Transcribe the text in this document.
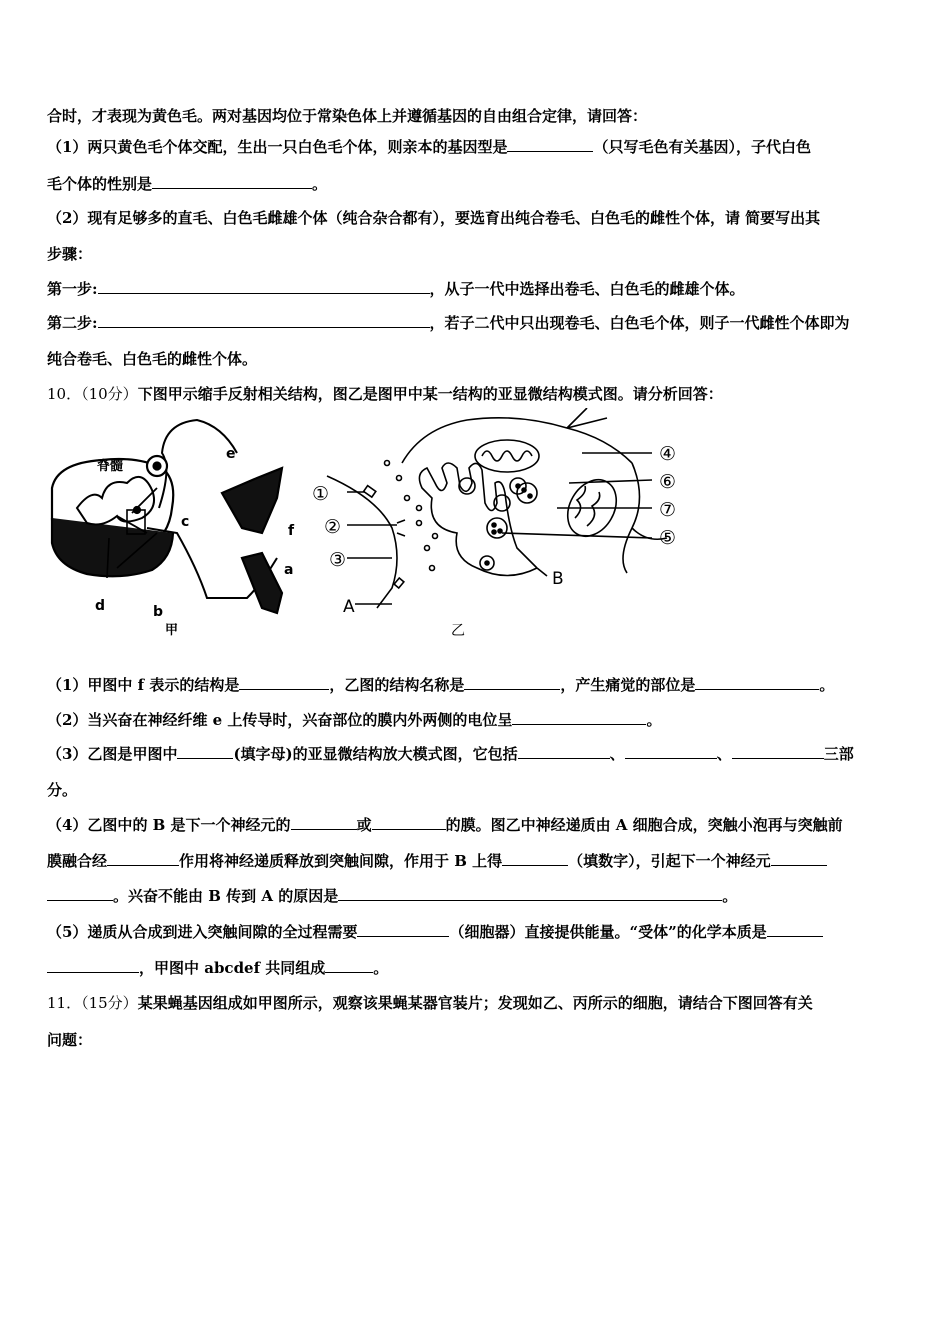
合时，才表现为黄色毛。两对基因均位于常染色体上并遵循基因的自由组合定律，请回答：
（1）两只黄色毛个体交配，生出一只白色毛个体，则亲本的基因型是	（只写毛色有关基因），子代白色
毛个体的性别是	。
（2）现有足够多的直毛、白色毛雌雄个体（纯合杂合都有），要选育出纯合卷毛、白色毛的雌性个体，请 简要写出其
步骤：
第一步:	，从子一代中选择出卷毛、白色毛的雌雄个体。
第二步:	，若子二代中只出现卷毛、白色毛个体，则子一代雌性个体即为
纯合卷毛、白色毛的雌性个体。
10．（10分）下图甲示缩手反射相关结构，图乙是图甲中某一结构的亚显微结构模式图。请分析回答：
脊髓
e
c
f
a
d	b
甲
①
②
③
A
B
④
⑥
⑦
⑤
乙
（1）甲图中 f 表示的结构是	，乙图的结构名称是	，产生痛觉的部位是	。
（2）当兴奋在神经纤维 e 上传导时，兴奋部位的膜内外两侧的电位呈	。
（3）乙图是甲图中	(填字母)的亚显微结构放大模式图，它包括	、	、	三部
分。
（4）乙图中的 B 是下一个神经元的	或	的膜。图乙中神经递质由 A 细胞合成，突触小泡再与突触前
膜融合经	作用将神经递质释放到突触间隙，作用于 B 上得	（填数字），引起下一个神经元
。兴奋不能由 B 传到 A 的原因是	。
（5）递质从合成到进入突触间隙的全过程需要	（细胞器）直接提供能量。“受体”的化学本质是
，甲图中 abcdef 共同组成	。
11．（15分）某果蝇基因组成如甲图所示，观察该果蝇某器官装片；发现如乙、丙所示的细胞，请结合下图回答有关
问题：
